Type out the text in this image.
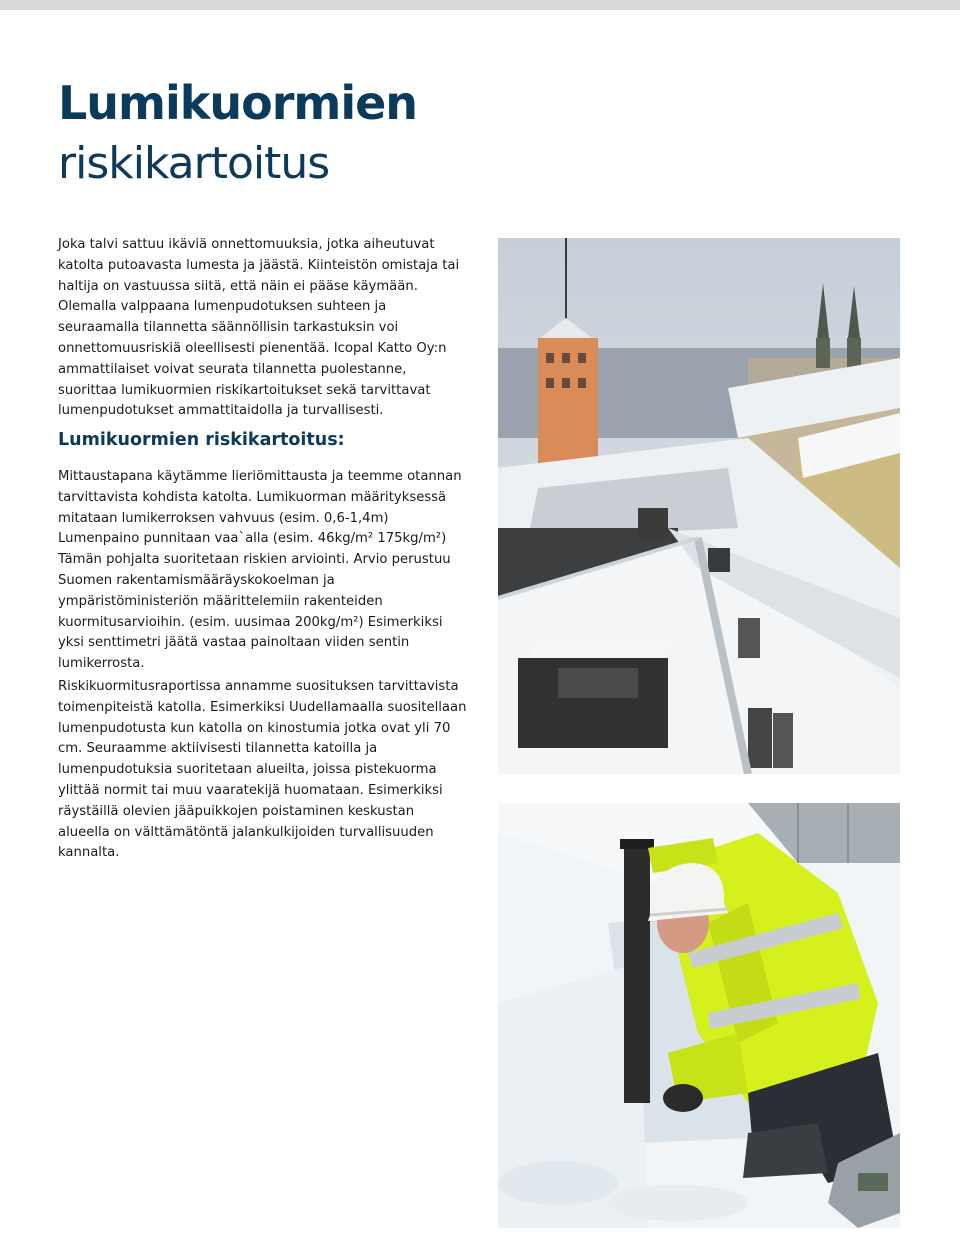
Lumikuormien
riskikartoitus

Joka talvi sattuu ikäviä onnettomuuksia, jotka aiheutuvat katolta putoavasta lumesta ja jäästä. Kiinteistön omistaja tai haltija on vastuussa siitä, että näin ei pääse käymään. Olemalla valppaana lumenpudotuksen suhteen ja seuraamalla tilannetta säännöllisin tarkastuksin voi onnettomuusriskiä oleellisesti pienentää. Icopal Katto Oy:n ammattilaiset voivat seurata tilannetta puolestanne, suorittaa lumikuormien riskikartoitukset sekä tarvittavat lumenpudotukset ammattitaidolla ja turvallisesti.

Lumikuormien riskikartoitus:

Mittaustapana käytämme lieriömittausta ja teemme otannan tarvittavista kohdista katolta. Lumikuorman määrityksessä mitataan lumikerroksen vahvuus (esim. 0,6-1,4m) Lumenpaino punnitaan vaa`alla (esim. 46kg/m² 175kg/m²) Tämän pohjalta suoritetaan riskien arviointi. Arvio perustuu Suomen rakentamismääräyskokoelman ja ympäristöministeriön määrittelemiin rakenteiden kuormitusarvioihin. (esim. uusimaa 200kg/m²) Esimerkiksi yksi senttimetri jäätä vastaa painoltaan viiden sentin lumikerrosta.

Riskikuormitusraportissa annamme suosituksen tarvittavista toimenpiteistä katolla. Esimerkiksi Uudellamaalla suositellaan lumenpudotusta kun katolla on kinostumia jotka ovat yli 70 cm. Seuraamme aktiivisesti tilannetta katoilla ja lumenpudotuksia suoritetaan alueilta, joissa pistekuorma ylittää normit tai muu vaaratekijä huomataan. Esimerkiksi räystäillä olevien jääpuikkojen poistaminen keskustan alueella on välttämätöntä jalankulkijoiden turvallisuuden kannalta.
